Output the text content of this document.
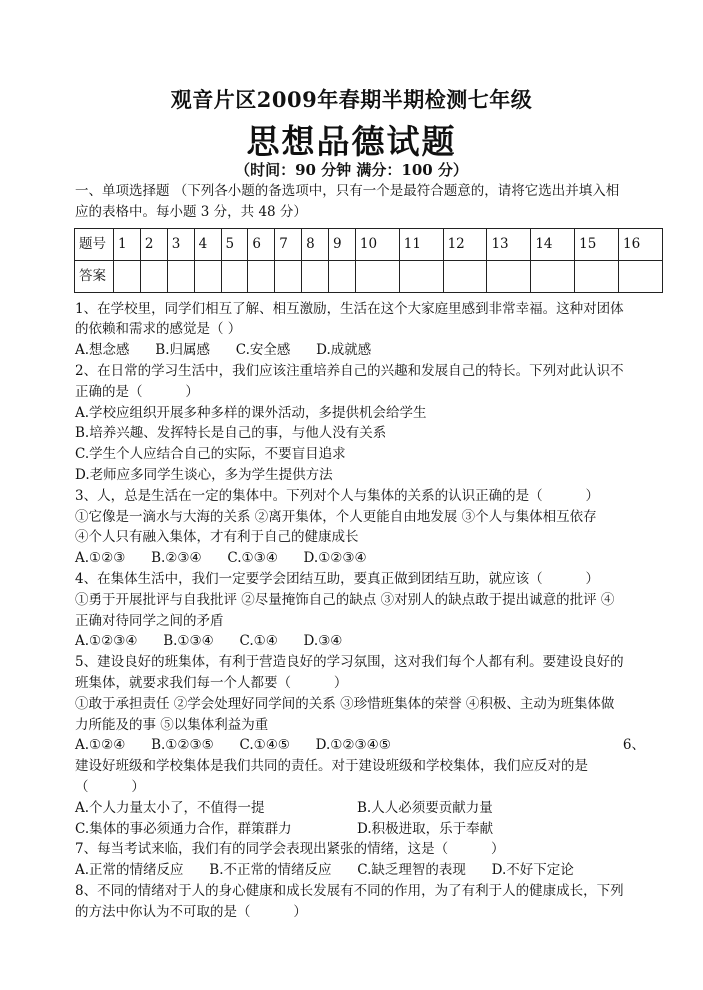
观音片区2009年春期半期检测七年级
思想品德试题
（时间：90 分钟 满分：100 分）

一、单项选择题 （下列各小题的备选项中，只有一个是最符合题意的，请将它选出并填入相

应的表格中。每小题 3 分，共 48 分）

题号	1	2	3	4	5	6	7	8	9	10	11	12	13	14	15	16
答案																

1、在学校里，同学们相互了解、相互激励，生活在这个大家庭里感到非常幸福。这种对团体

的依赖和需求的感觉是（ ）

A.想念感      B.归属感      C.安全感      D.成就感

2、在日常的学习生活中，我们应该注重培养自己的兴趣和发展自己的特长。下列对此认识不

正确的是（          ）

A.学校应组织开展多种多样的课外活动，多提供机会给学生

B.培养兴趣、发挥特长是自己的事，与他人没有关系

C.学生个人应结合自己的实际，不要盲目追求

D.老师应多同学生谈心，多为学生提供方法

3、人，总是生活在一定的集体中。下列对个人与集体的关系的认识正确的是（          ）

①它像是一滴水与大海的关系 ②离开集体，个人更能自由地发展 ③个人与集体相互依存

④个人只有融入集体，才有利于自己的健康成长

A.①②③      B.②③④      C.①③④      D.①②③④

4、在集体生活中，我们一定要学会团结互助，要真正做到团结互助，就应该（          ）

①勇于开展批评与自我批评 ②尽量掩饰自己的缺点 ③对别人的缺点敢于提出诚意的批评 ④

正确对待同学之间的矛盾

A.①②③④      B.①③④      C.①④      D.③④

5、建设良好的班集体，有利于营造良好的学习氛围，这对我们每个人都有利。要建设良好的

班集体，就要求我们每一个人都要（          ）

①敢于承担责任 ②学会处理好同学间的关系 ③珍惜班集体的荣誉 ④积极、主动为班集体做

力所能及的事 ⑤以集体利益为重

A.①②④      B.①②③⑤      C.①④⑤      D.①②③④⑤	6、

建设好班级和学校集体是我们共同的责任。对于建设班级和学校集体，我们应反对的是

（          ）

A.个人力量太小了，不值得一提	B.人人必须要贡献力量
C.集体的事必须通力合作，群策群力	D.积极进取，乐于奉献

7、每当考试来临，我们有的同学会表现出紧张的情绪，这是（          ）

A.正常的情绪反应      B.不正常的情绪反应      C.缺乏理智的表现      D.不好下定论

8、不同的情绪对于人的身心健康和成长发展有不同的作用，为了有利于人的健康成长，下列

的方法中你认为不可取的是（          ）
